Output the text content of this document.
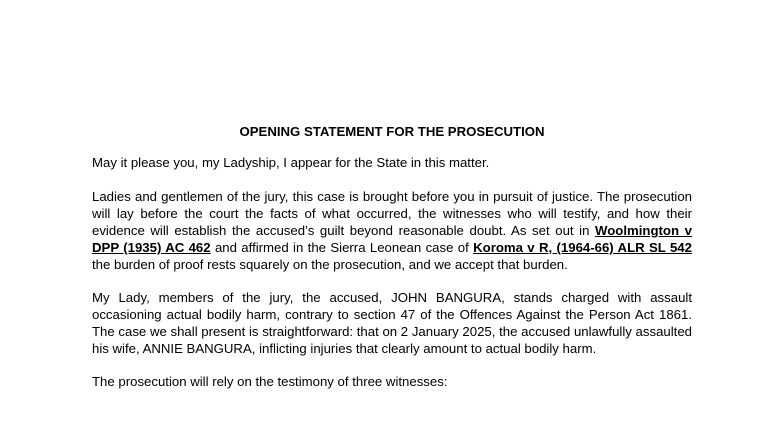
OPENING STATEMENT FOR THE PROSECUTION
May it please you, my Ladyship, I appear for the State in this matter.
Ladies and gentlemen of the jury, this case is brought before you in pursuit of justice. The prosecution will lay before the court the facts of what occurred, the witnesses who will testify, and how their evidence will establish the accused’s guilt beyond reasonable doubt. As set out in Woolmington v DPP (1935) AC 462 and affirmed in the Sierra Leonean case of Koroma v R, (1964-66) ALR SL 542 the burden of proof rests squarely on the prosecution, and we accept that burden.
My Lady, members of the jury, the accused, JOHN BANGURA, stands charged with assault occasioning actual bodily harm, contrary to section 47 of the Offences Against the Person Act 1861. The case we shall present is straightforward: that on 2 January 2025, the accused unlawfully assaulted his wife, ANNIE BANGURA, inflicting injuries that clearly amount to actual bodily harm.
The prosecution will rely on the testimony of three witnesses:
